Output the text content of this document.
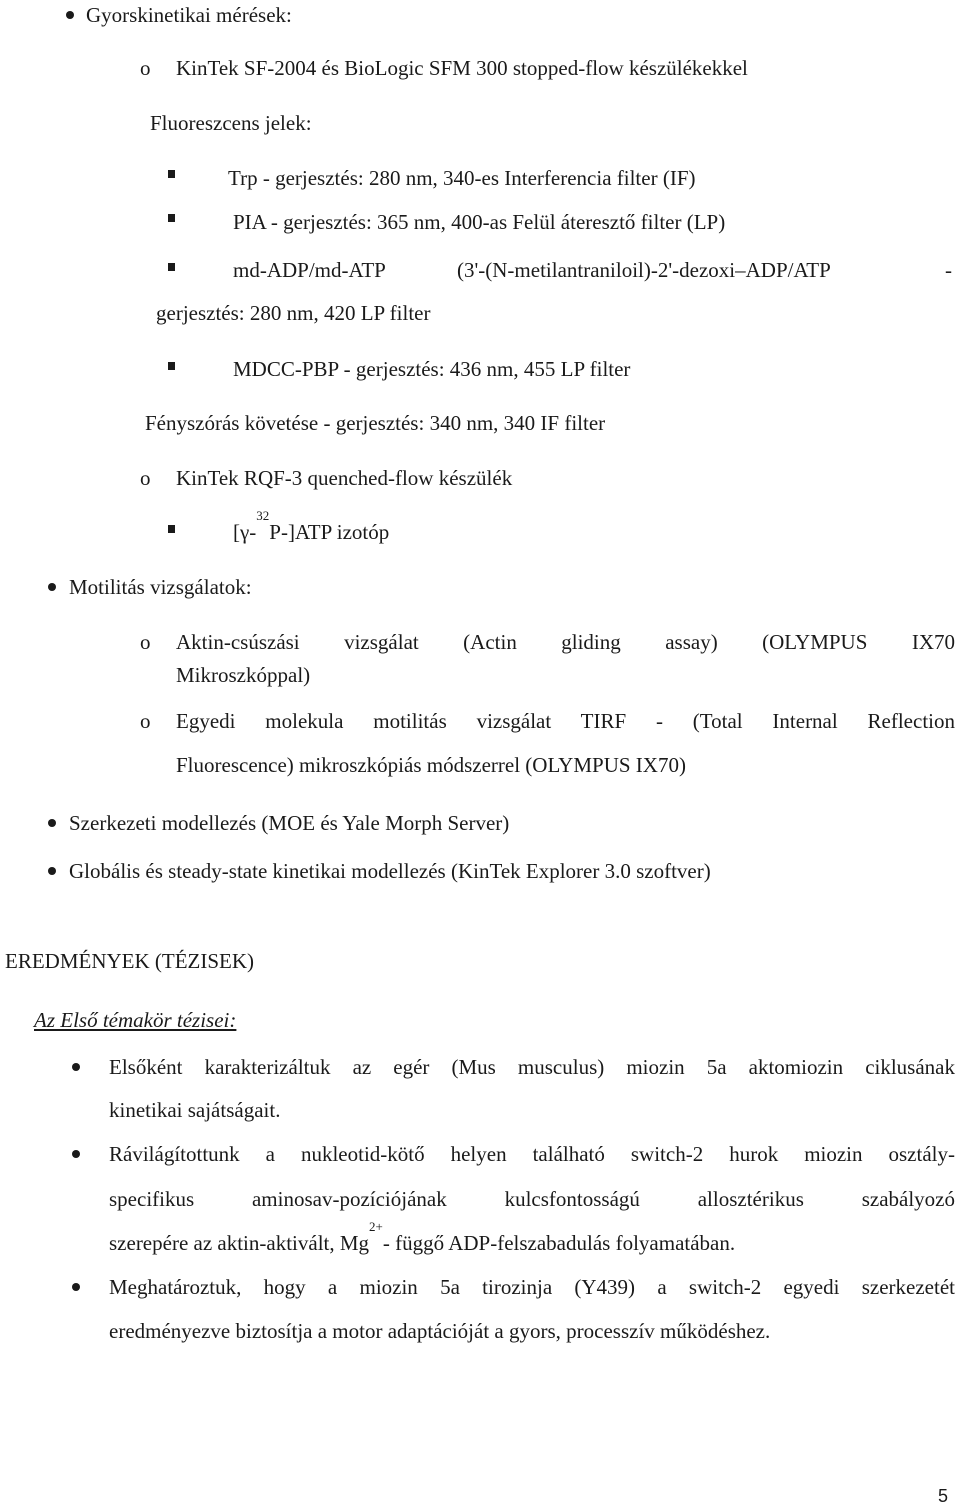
Gyorskinetikai mérések:
o KinTek SF-2004 és BioLogic SFM 300 stopped-flow készülékekkel
Fluoreszcens jelek:
Trp - gerjesztés: 280 nm, 340-es Interferencia filter (IF)
PIA - gerjesztés: 365 nm, 400-as Felül áteresztő filter (LP)
md-ADP/md-ATP	(3'-(N-metilantraniloil)-2'-dezoxi–ADP/ATP	-
gerjesztés: 280 nm, 420 LP filter
MDCC-PBP - gerjesztés: 436 nm, 455 LP filter
Fényszórás követése - gerjesztés: 340 nm, 340 IF filter
o KinTek RQF-3 quenched-flow készülék
[γ-$^{32}$P-]ATP izotóp
Motilitás vizsgálatok:
o Aktin-csúszási vizsgálat (Actin gliding assay) (OLYMPUS IX70
Mikroszkóppal)
o Egyedi molekula motilitás vizsgálat TIRF - (Total Internal Reflection
Fluorescence) mikroszkópiás módszerrel (OLYMPUS IX70)
Szerkezeti modellezés (MOE és Yale Morph Server)
Globális és steady-state kinetikai modellezés (KinTek Explorer 3.0 szoftver)
EREDMÉNYEK (TÉZISEK)
Az Első témakör tézisei:
Elsőként karakterizáltuk az egér (Mus musculus) miozin 5a aktomiozin ciklusának
kinetikai sajátságait.
Rávilágítottunk a nukleotid-kötő helyen található switch-2 hurok miozin osztály-
specifikus aminosav-pozíciójának kulcsfontosságú allosztérikus szabályozó
szerepére az aktin-aktivált, $Mg^{2+}-$ függő ADP-felszabadulás folyamatában.
Meghatároztuk, hogy a miozin 5a tirozinja (Y439) a switch-2 egyedi szerkezetét
eredményezve biztosítja a motor adaptációját a gyors, processzív működéshez.
5
